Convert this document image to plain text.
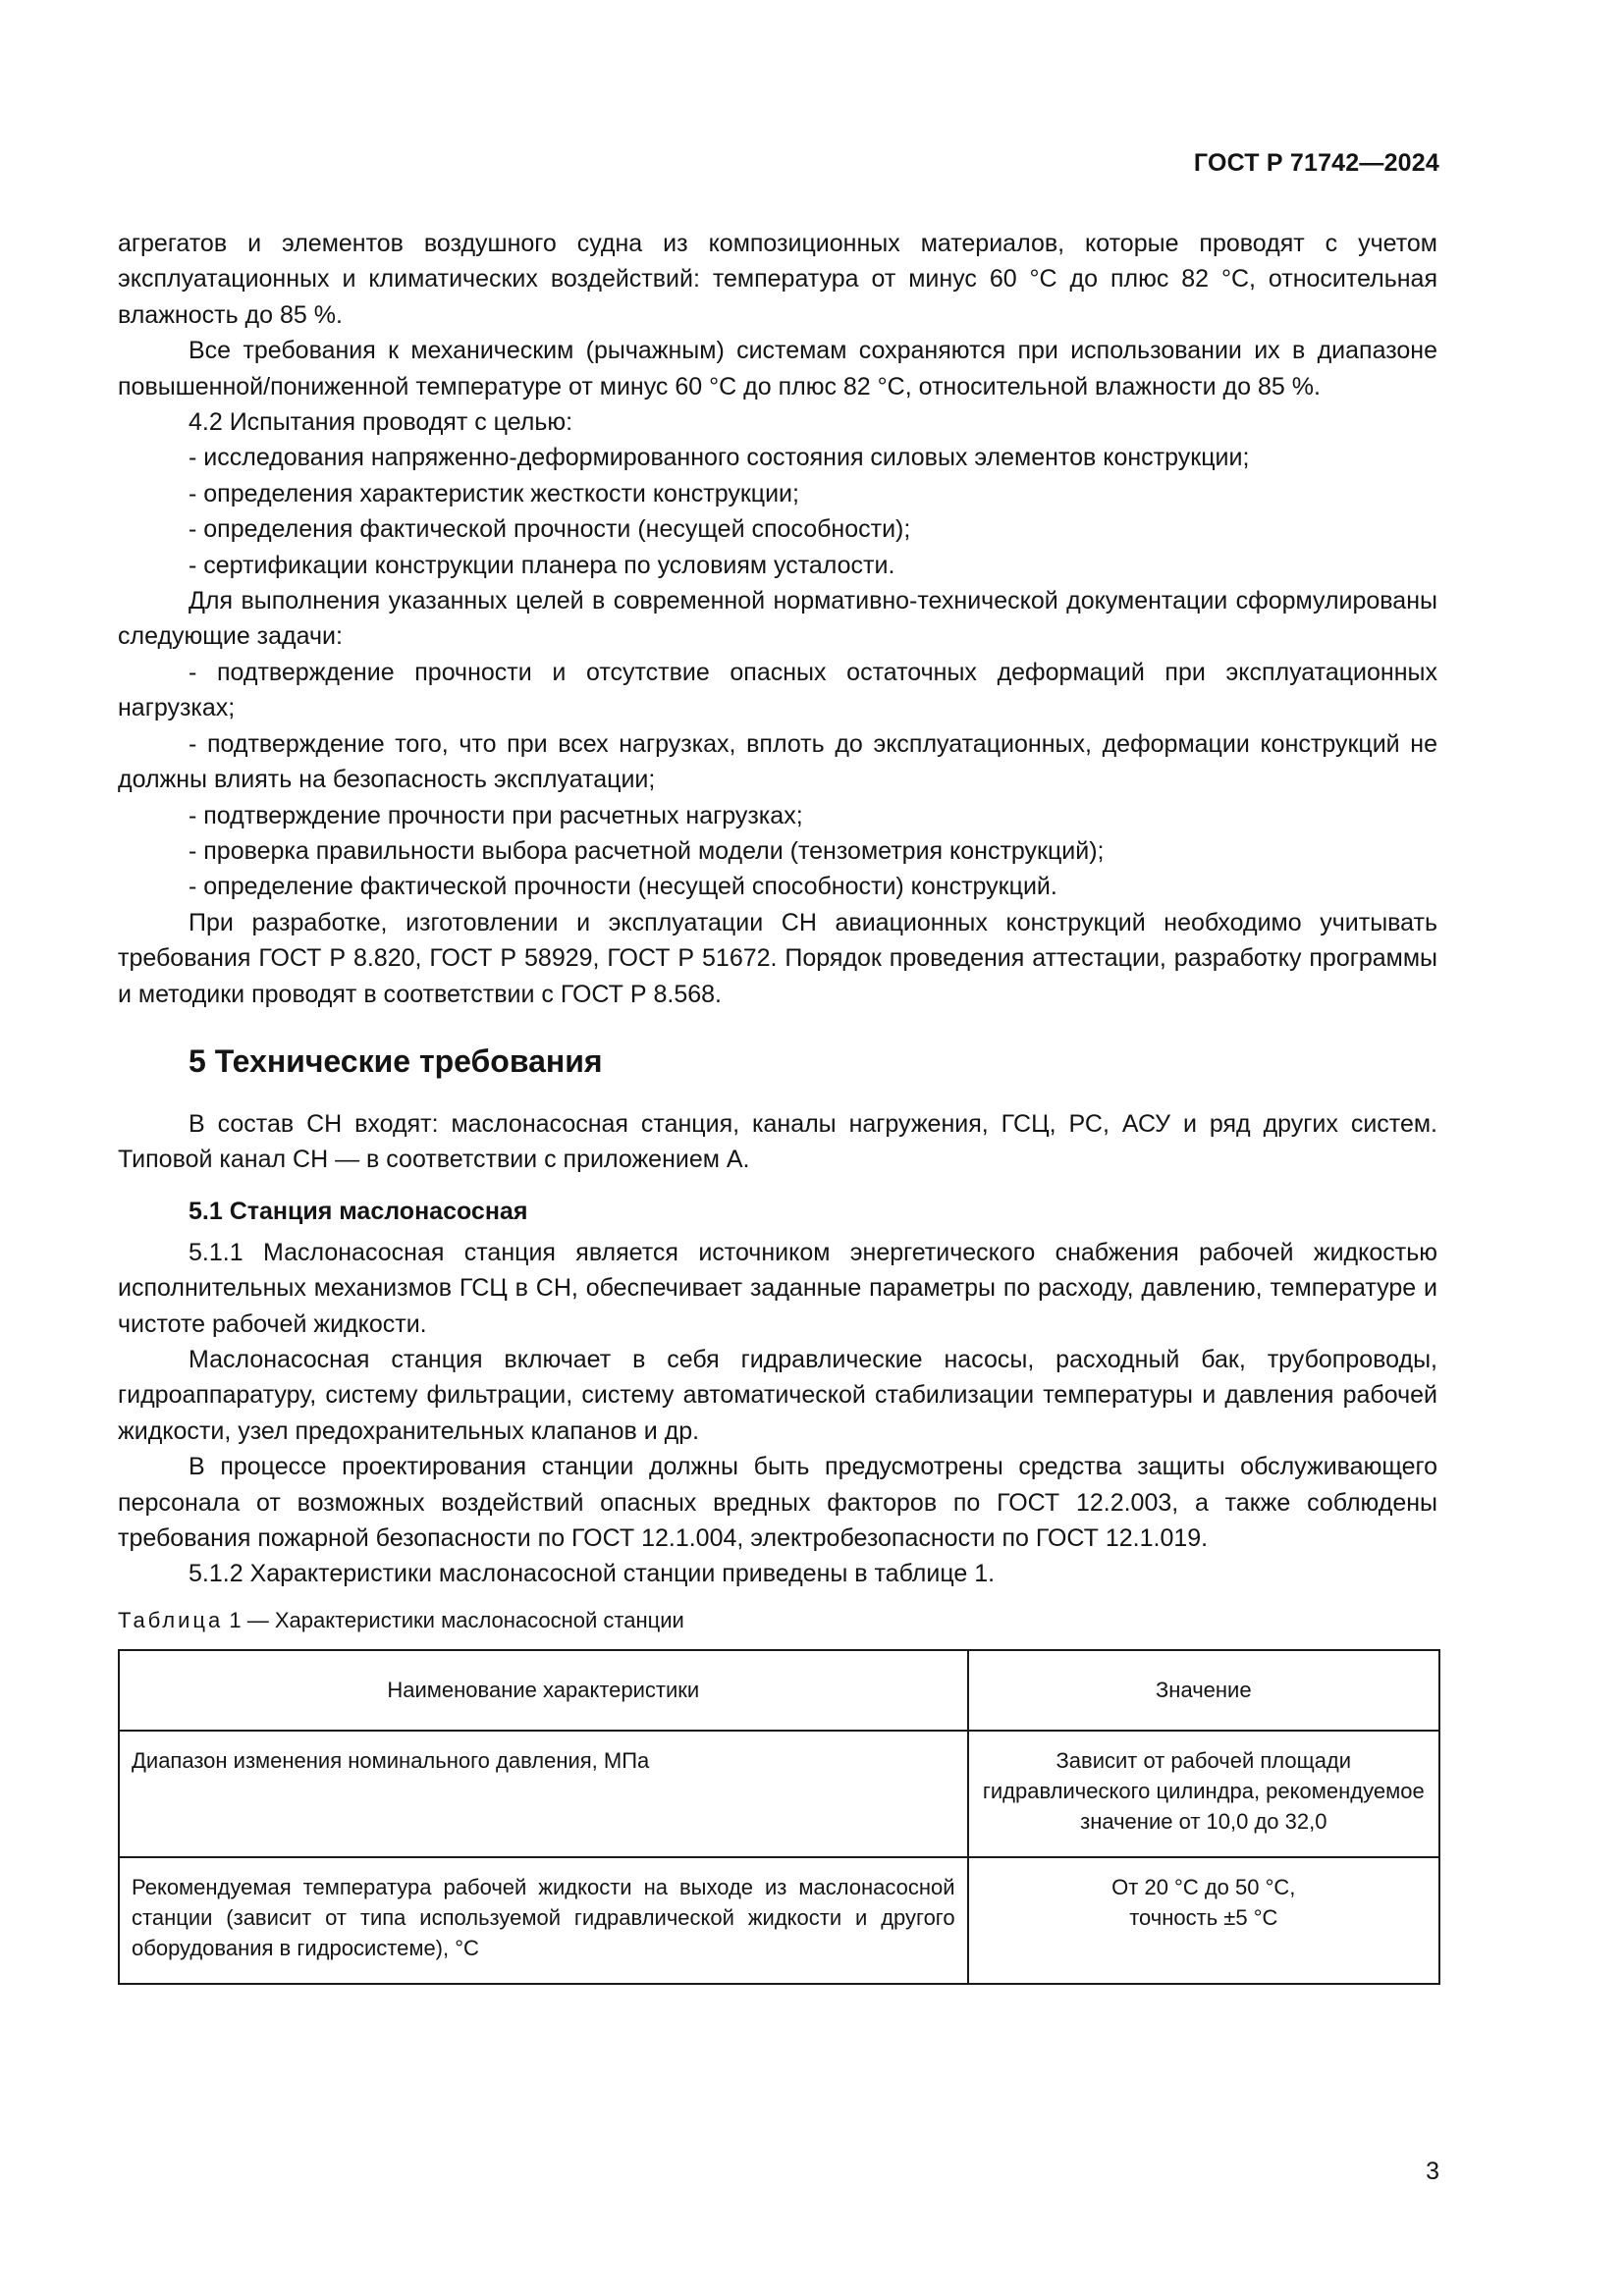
ГОСТ Р 71742—2024

агрегатов и элементов воздушного судна из композиционных материалов, которые проводят с учетом эксплуатационных и климатических воздействий: температура от минус 60 °С до плюс 82 °С, относительная влажность до 85 %.

Все требования к механическим (рычажным) системам сохраняются при использовании их в диапазоне повышенной/пониженной температуре от минус 60 °С до плюс 82 °С, относительной влажности до 85 %.

4.2 Испытания проводят с целью:

- исследования напряженно-деформированного состояния силовых элементов конструкции;

- определения характеристик жесткости конструкции;

- определения фактической прочности (несущей способности);

- сертификации конструкции планера по условиям усталости.

Для выполнения указанных целей в современной нормативно-технической документации сформулированы следующие задачи:

- подтверждение прочности и отсутствие опасных остаточных деформаций при эксплуатационных нагрузках;

- подтверждение того, что при всех нагрузках, вплоть до эксплуатационных, деформации конструкций не должны влиять на безопасность эксплуатации;

- подтверждение прочности при расчетных нагрузках;

- проверка правильности выбора расчетной модели (тензометрия конструкций);

- определение фактической прочности (несущей способности) конструкций.

При разработке, изготовлении и эксплуатации СН авиационных конструкций необходимо учитывать требования ГОСТ Р 8.820, ГОСТ Р 58929, ГОСТ Р 51672. Порядок проведения аттестации, разработку программы и методики проводят в соответствии с ГОСТ Р 8.568.

5 Технические требования

В состав СН входят: маслонасосная станция, каналы нагружения, ГСЦ, РС, АСУ и ряд других систем. Типовой канал СН — в соответствии с приложением А.

5.1 Станция маслонасосная

5.1.1 Маслонасосная станция является источником энергетического снабжения рабочей жидкостью исполнительных механизмов ГСЦ в СН, обеспечивает заданные параметры по расходу, давлению, температуре и чистоте рабочей жидкости.

Маслонасосная станция включает в себя гидравлические насосы, расходный бак, трубопроводы, гидроаппаратуру, систему фильтрации, систему автоматической стабилизации температуры и давления рабочей жидкости, узел предохранительных клапанов и др.

В процессе проектирования станции должны быть предусмотрены средства защиты обслуживающего персонала от возможных воздействий опасных вредных факторов по ГОСТ 12.2.003, а также соблюдены требования пожарной безопасности по ГОСТ 12.1.004, электробезопасности по ГОСТ 12.1.019.

5.1.2 Характеристики маслонасосной станции приведены в таблице 1.

Таблица 1 — Характеристики маслонасосной станции

Наименование характеристики	Значение
Диапазон изменения номинального давления, МПа	Зависит от рабочей площади гидравлического цилиндра, рекомендуемое значение от 10,0 до 32,0
Рекомендуемая температура рабочей жидкости на выходе из маслонасосной станции (зависит от типа используемой гидравлической жидкости и другого оборудования в гидросистеме), °С	От 20 °С до 50 °С,
точность ±5 °С
3
